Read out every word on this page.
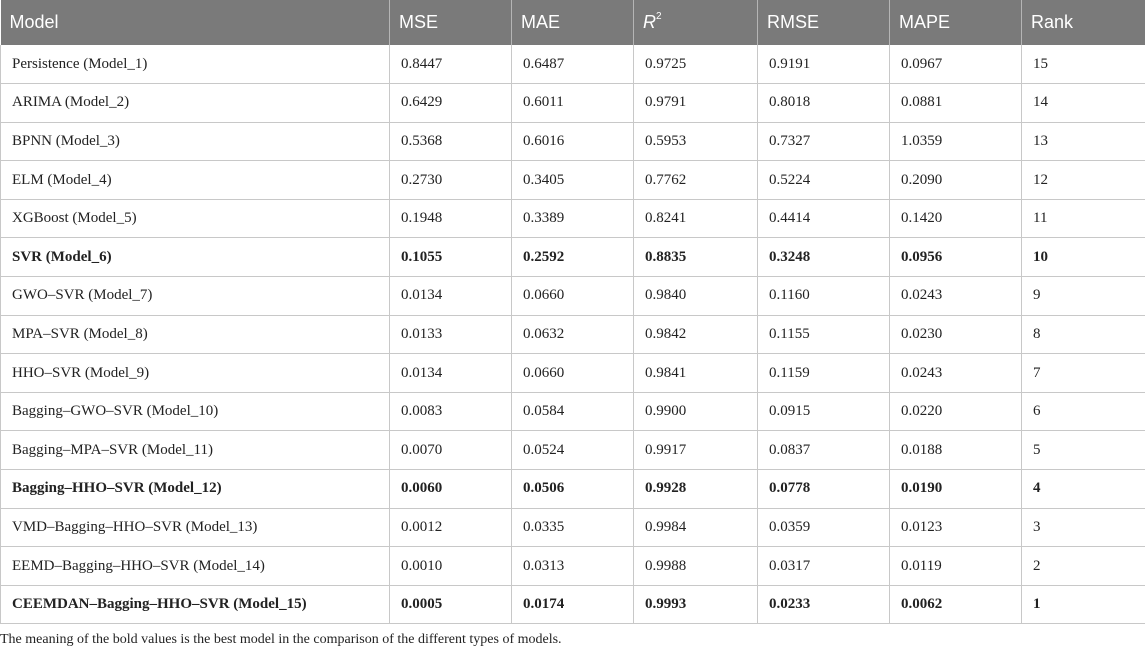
Model	MSE	MAE	$R^2$	RMSE	MAPE	Rank
Persistence (Model_1)	0.8447	0.6487	0.9725	0.9191	0.0967	15
ARIMA (Model_2)	0.6429	0.6011	0.9791	0.8018	0.0881	14
BPNN (Model_3)	0.5368	0.6016	0.5953	0.7327	1.0359	13
ELM (Model_4)	0.2730	0.3405	0.7762	0.5224	0.2090	12
XGBoost (Model_5)	0.1948	0.3389	0.8241	0.4414	0.1420	11
SVR (Model_6)	0.1055	0.2592	0.8835	0.3248	0.0956	10
GWO–SVR (Model_7)	0.0134	0.0660	0.9840	0.1160	0.0243	9
MPA–SVR (Model_8)	0.0133	0.0632	0.9842	0.1155	0.0230	8
HHO–SVR (Model_9)	0.0134	0.0660	0.9841	0.1159	0.0243	7
Bagging–GWO–SVR (Model_10)	0.0083	0.0584	0.9900	0.0915	0.0220	6
Bagging–MPA–SVR (Model_11)	0.0070	0.0524	0.9917	0.0837	0.0188	5
Bagging–HHO–SVR (Model_12)	0.0060	0.0506	0.9928	0.0778	0.0190	4
VMD–Bagging–HHO–SVR (Model_13)	0.0012	0.0335	0.9984	0.0359	0.0123	3
EEMD–Bagging–HHO–SVR (Model_14)	0.0010	0.0313	0.9988	0.0317	0.0119	2
CEEMDAN–Bagging–HHO–SVR (Model_15)	0.0005	0.0174	0.9993	0.0233	0.0062	1
The meaning of the bold values is the best model in the comparison of the different types of models.
